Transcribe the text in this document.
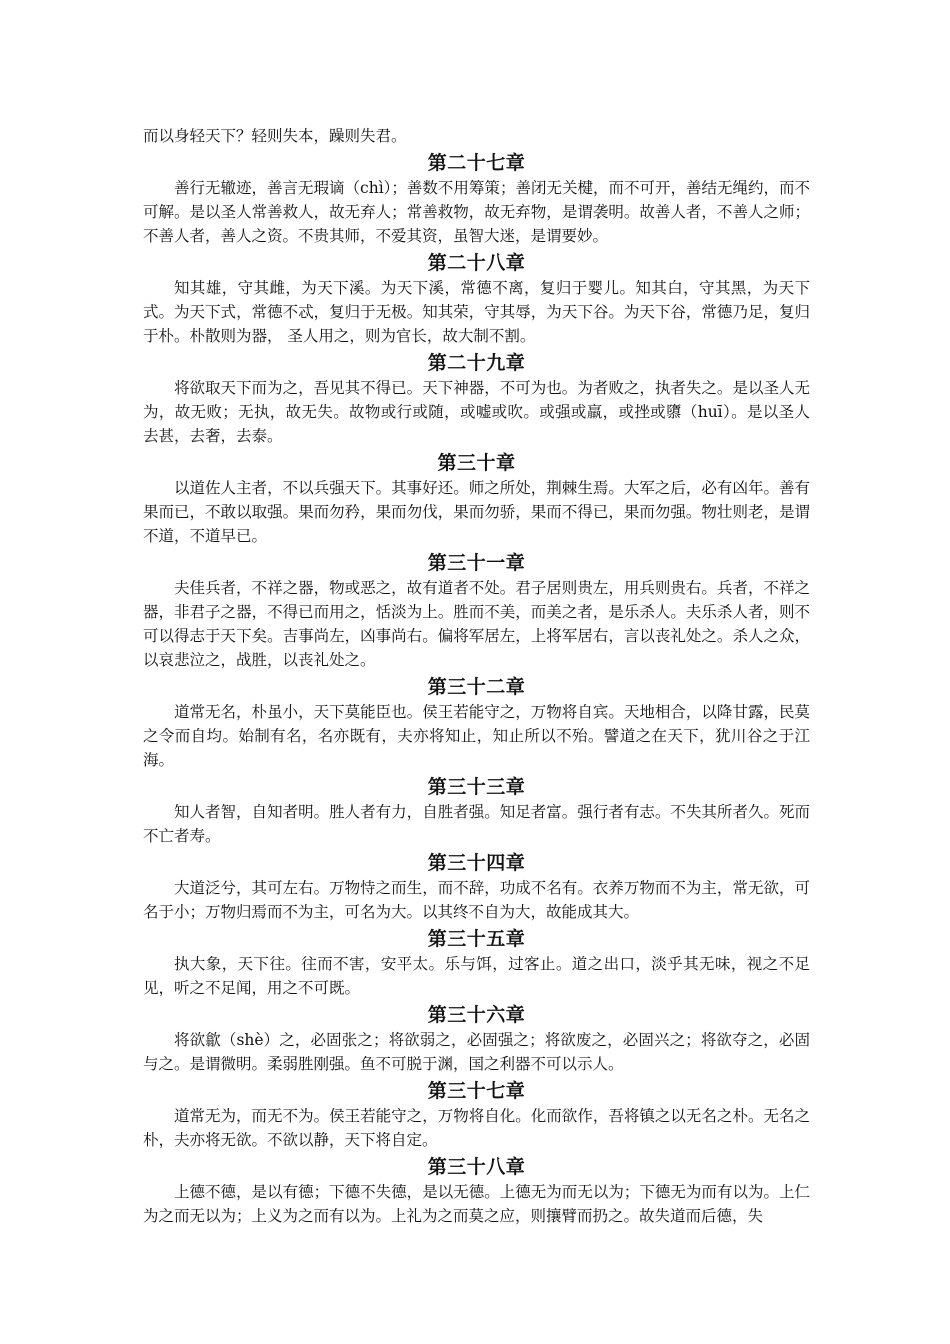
而以身轻天下？轻则失本，躁则失君。

第二十七章

善行无辙迹，善言无瑕谪（chì）；善数不用筹策；善闭无关楗，而不可开，善结无绳约，而不可解。是以圣人常善救人，故无弃人；常善救物，故无弃物，是谓袭明。故善人者，不善人之师；不善人者，善人之资。不贵其师，不爱其资，虽智大迷，是谓要妙。

第二十八章

知其雄，守其雌，为天下溪。为天下溪，常德不离，复归于婴儿。知其白，守其黑，为天下式。为天下式，常德不忒，复归于无极。知其荣，守其辱，为天下谷。为天下谷，常德乃足，复归于朴。朴散则为器， 圣人用之，则为官长，故大制不割。

第二十九章

将欲取天下而为之，吾见其不得已。天下神器，不可为也。为者败之，执者失之。是以圣人无为，故无败；无执，故无失。故物或行或随，或嘘或吹。或强或羸，或挫或隳（huī）。是以圣人去甚，去奢，去泰。

第三十章

以道佐人主者，不以兵强天下。其事好还。师之所处，荆棘生焉。大军之后，必有凶年。善有果而已，不敢以取强。果而勿矜，果而勿伐，果而勿骄，果而不得已，果而勿强。物壮则老，是谓不道，不道早已。

第三十一章

夫佳兵者，不祥之器，物或恶之，故有道者不处。君子居则贵左，用兵则贵右。兵者，不祥之器，非君子之器，不得已而用之，恬淡为上。胜而不美，而美之者，是乐杀人。夫乐杀人者，则不可以得志于天下矣。吉事尚左，凶事尚右。偏将军居左，上将军居右，言以丧礼处之。杀人之众，以哀悲泣之，战胜，以丧礼处之。

第三十二章

道常无名，朴虽小，天下莫能臣也。侯王若能守之，万物将自宾。天地相合，以降甘露，民莫之令而自均。始制有名，名亦既有，夫亦将知止，知止所以不殆。譬道之在天下，犹川谷之于江海。

第三十三章

知人者智，自知者明。胜人者有力，自胜者强。知足者富。强行者有志。不失其所者久。死而不亡者寿。

第三十四章

大道泛兮，其可左右。万物恃之而生，而不辞，功成不名有。衣养万物而不为主，常无欲，可名于小；万物归焉而不为主，可名为大。以其终不自为大，故能成其大。

第三十五章

执大象，天下往。往而不害，安平太。乐与饵，过客止。道之出口，淡乎其无味，视之不足见，听之不足闻，用之不可既。

第三十六章

将欲歙（shè）之，必固张之；将欲弱之，必固强之；将欲废之，必固兴之；将欲夺之，必固与之。是谓微明。柔弱胜刚强。鱼不可脱于渊，国之利器不可以示人。

第三十七章

道常无为，而无不为。侯王若能守之，万物将自化。化而欲作，吾将镇之以无名之朴。无名之朴，夫亦将无欲。不欲以静，天下将自定。

第三十八章

上德不德，是以有德；下德不失德，是以无德。上德无为而无以为；下德无为而有以为。上仁为之而无以为；上义为之而有以为。上礼为之而莫之应，则攘臂而扔之。故失道而后德，失
